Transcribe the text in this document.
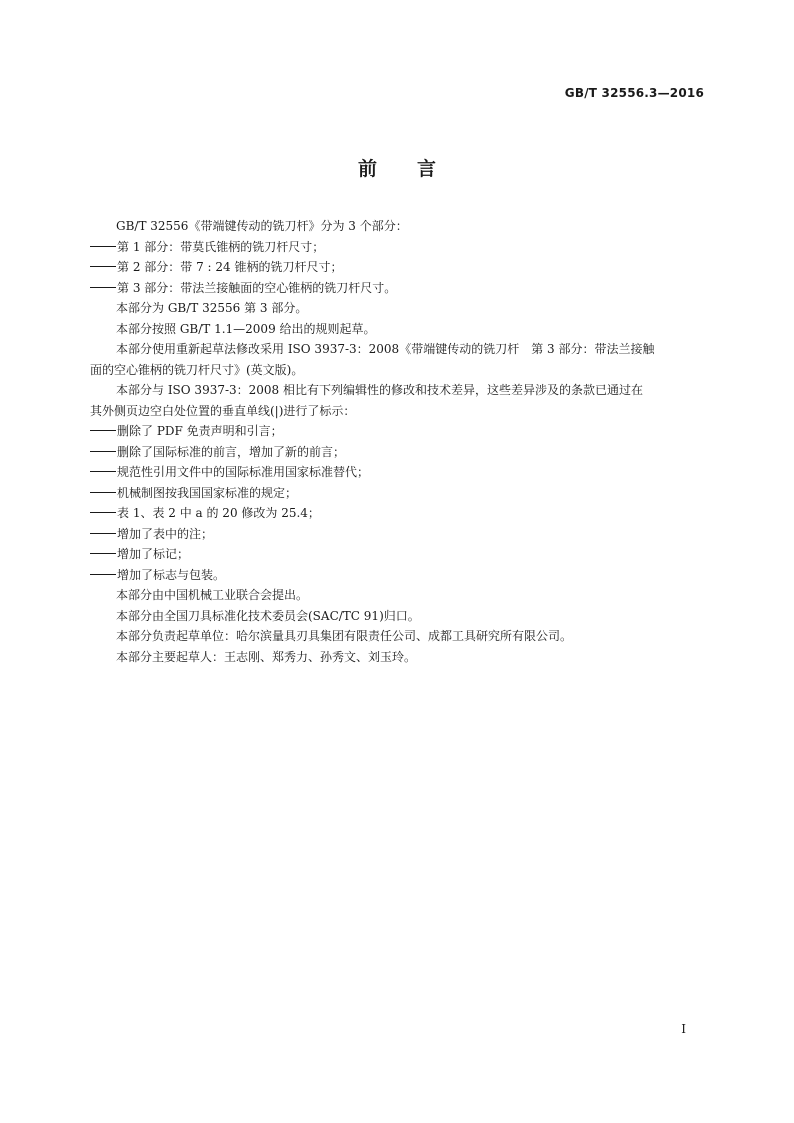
GB/T 32556.3—2016
前 言

GB/T 32556《带端键传动的铣刀杆》分为 3 个部分：

第 1 部分：带莫氏锥柄的铣刀杆尺寸；

第 2 部分：带 7 : 24 锥柄的铣刀杆尺寸；

第 3 部分：带法兰接触面的空心锥柄的铣刀杆尺寸。

本部分为 GB/T 32556 第 3 部分。

本部分按照 GB/T 1.1—2009 给出的规则起草。

本部分使用重新起草法修改采用 ISO 3937-3：2008《带端键传动的铣刀杆　第 3 部分：带法兰接触

面的空心锥柄的铣刀杆尺寸》(英文版)。

本部分与 ISO 3937-3：2008 相比有下列编辑性的修改和技术差异，这些差异涉及的条款已通过在

其外侧页边空白处位置的垂直单线(|)进行了标示：

删除了 PDF 免责声明和引言；

删除了国际标准的前言，增加了新的前言；

规范性引用文件中的国际标准用国家标准替代；

机械制图按我国国家标准的规定；

表 1、表 2 中 a 的 20 修改为 25.4；

增加了表中的注；

增加了标记；

增加了标志与包装。

本部分由中国机械工业联合会提出。

本部分由全国刀具标准化技术委员会(SAC/TC 91)归口。

本部分负责起草单位：哈尔滨量具刃具集团有限责任公司、成都工具研究所有限公司。

本部分主要起草人：王志刚、郑秀力、孙秀文、刘玉玲。

I
